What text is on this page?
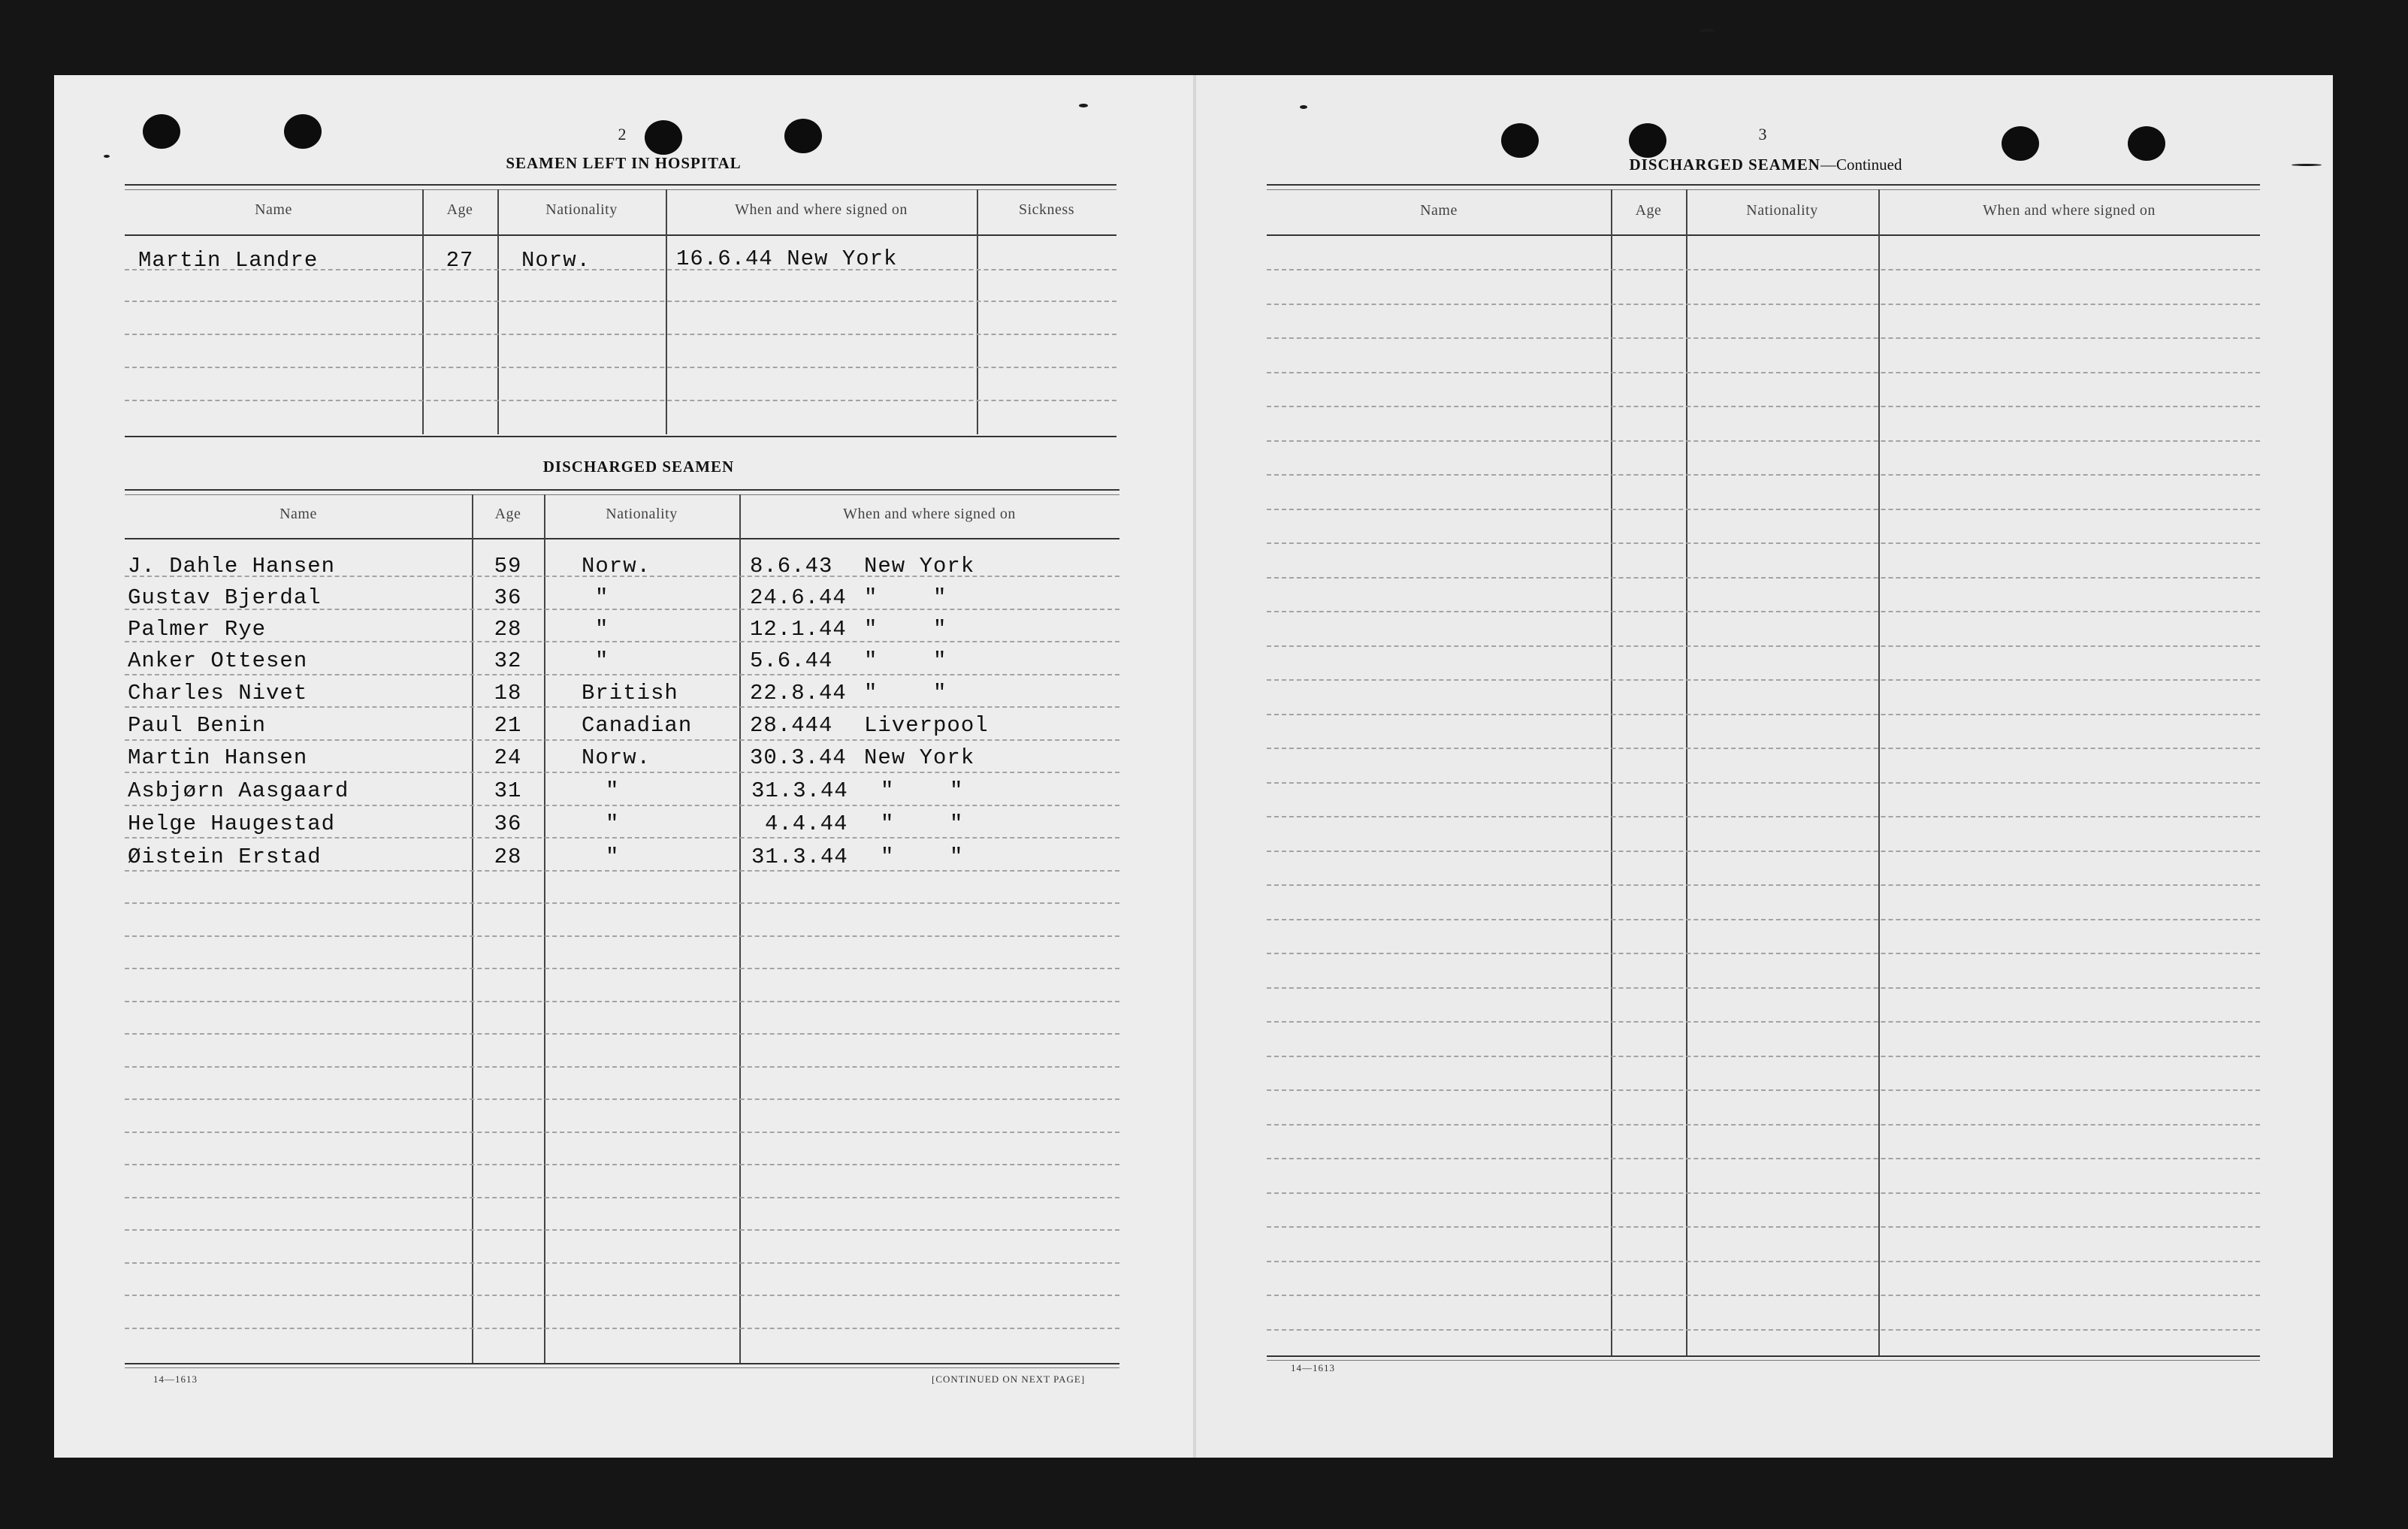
2
SEAMEN LEFT IN HOSPITAL
Name	Age	Nationality	When and where signed on	Sickness
Martin Landre	27	Norw.	16.6.44 New York
DISCHARGED SEAMEN
Name	Age	Nationality	When and where signed on
J. Dahle Hansen	59	Norw.	8.6.43 New York
Gustav Bjerdal	36	"	24.6.44 "    "
Palmer Rye	28	"	12.1.44 "    "
Anker Ottesen	32	"	5.6.44 "    "
Charles Nivet	18	British	22.8.44 "    "
Paul Benin	21	Canadian	28.444 Liverpool
Martin Hansen	24	Norw.	30.3.44 New York
Asbjørn Aasgaard	31	"	31.3.44 "    "
Helge Haugestad	36	"	4.4.44 "    "
Øistein Erstad	28	"	31.3.44 "    "
14—1613	[CONTINUED ON NEXT PAGE]
3
DISCHARGED SEAMEN—Continued
Name	Age	Nationality	When and where signed on
14—1613
